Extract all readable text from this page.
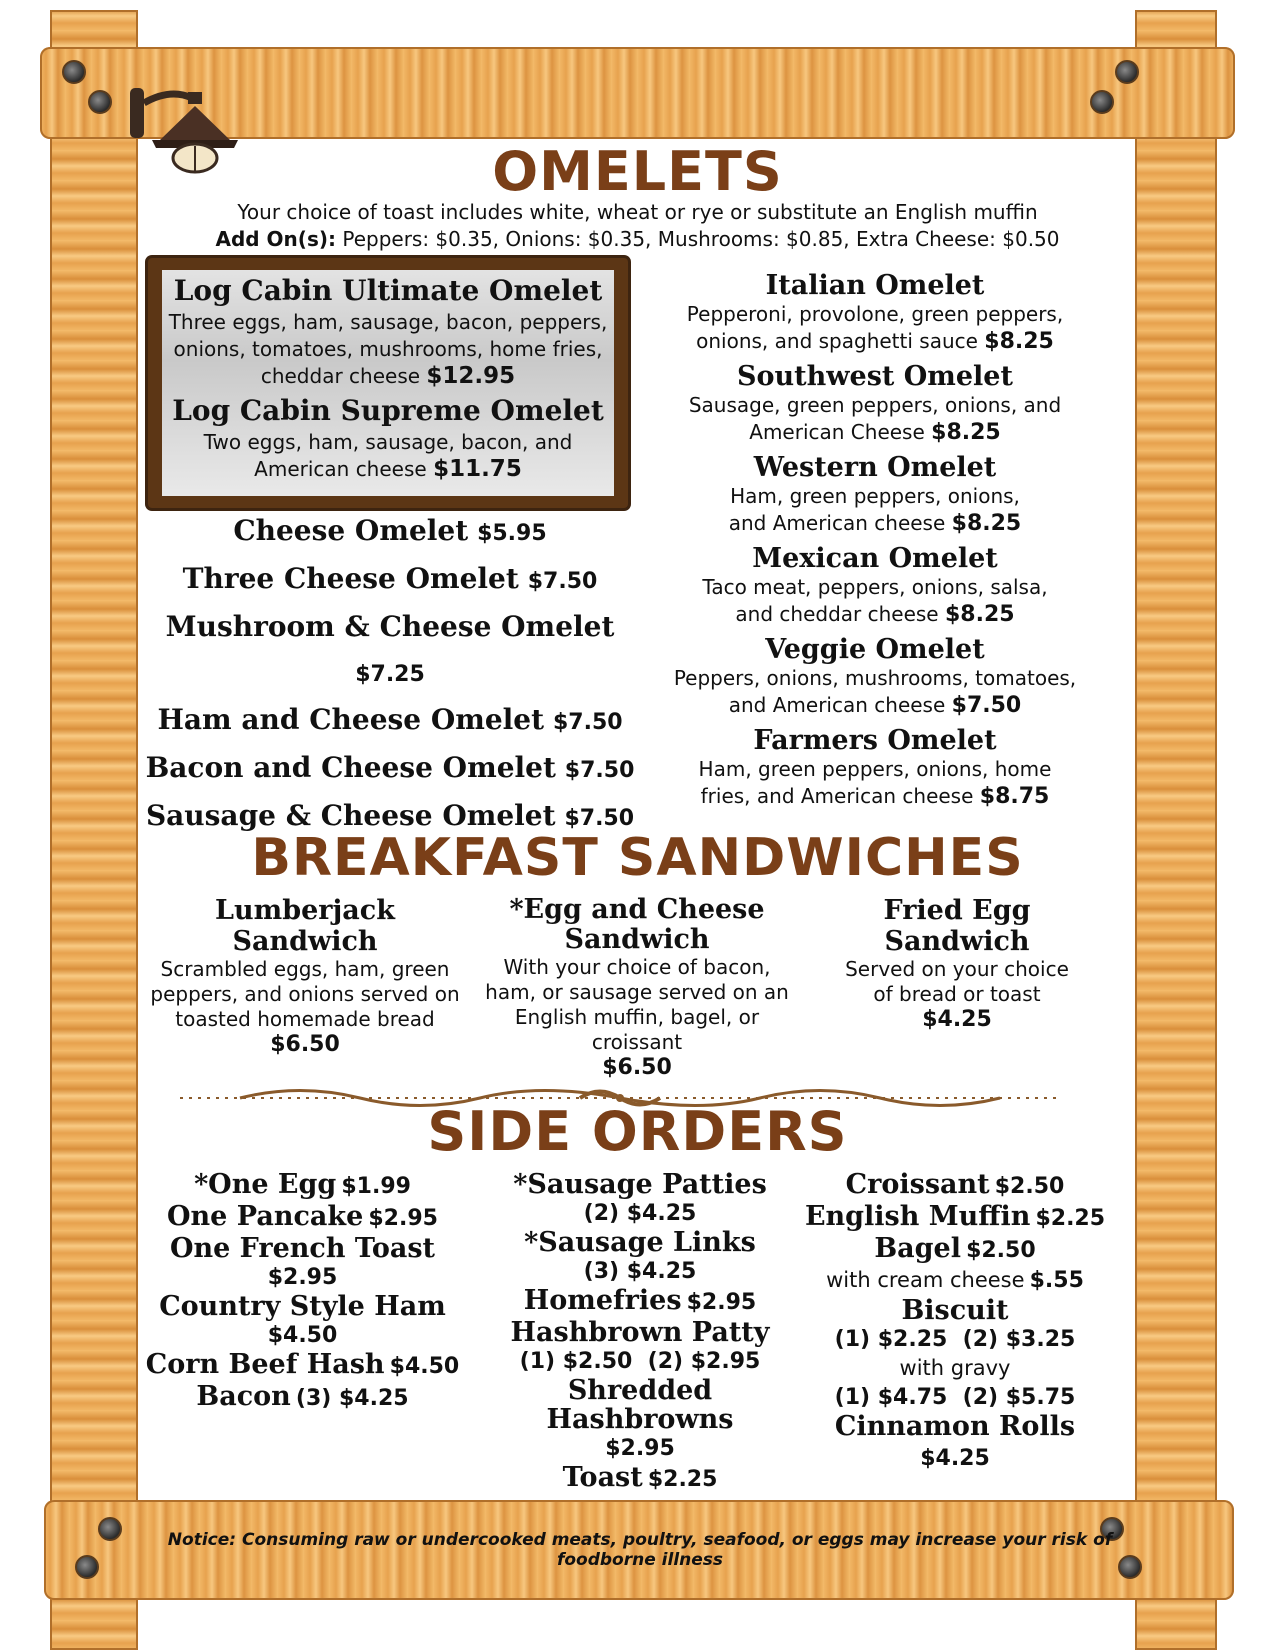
OMELETS
Your choice of toast includes white, wheat or rye or substitute an English muffin
Add On(s): Peppers: $0.35, Onions: $0.35, Mushrooms: $0.85, Extra Cheese: $0.50
Log Cabin Ultimate Omelet
Three eggs, ham, sausage, bacon, peppers, onions, tomatoes, mushrooms, home fries, cheddar cheese $12.95
Log Cabin Supreme Omelet
Two eggs, ham, sausage, bacon, and American cheese $11.75
Cheese Omelet $5.95
Three Cheese Omelet $7.50
Mushroom & Cheese Omelet $7.25
Ham and Cheese Omelet $7.50
Bacon and Cheese Omelet $7.50
Sausage & Cheese Omelet $7.50
Italian Omelet
Pepperoni, provolone, green peppers, onions, and spaghetti sauce $8.25
Southwest Omelet
Sausage, green peppers, onions, and American Cheese $8.25
Western Omelet
Ham, green peppers, onions, and American cheese $8.25
Mexican Omelet
Taco meat, peppers, onions, salsa, and cheddar cheese $8.25
Veggie Omelet
Peppers, onions, mushrooms, tomatoes, and American cheese $7.50
Farmers Omelet
Ham, green peppers, onions, home fries, and American cheese $8.75
BREAKFAST SANDWICHES
Lumberjack Sandwich
Scrambled eggs, ham, green peppers, and onions served on toasted homemade bread
$6.50
*Egg and Cheese Sandwich
With your choice of bacon, ham, or sausage served on an English muffin, bagel, or croissant
$6.50
Fried Egg Sandwich
Served on your choice of bread or toast
$4.25
SIDE ORDERS
*One Egg $1.99
One Pancake $2.95
One French Toast
$2.95
Country Style Ham
$4.50
Corn Beef Hash $4.50
Bacon (3) $4.25
*Sausage Patties
(2) $4.25
*Sausage Links
(3) $4.25
Homefries $2.95
Hashbrown Patty
(1) $2.50  (2) $2.95
Shredded Hashbrowns
$2.95
Toast $2.25
Croissant $2.50
English Muffin $2.25
Bagel $2.50
with cream cheese $.55
Biscuit
(1) $2.25  (2) $3.25
with gravy
(1) $4.75  (2) $5.75
Cinnamon Rolls $4.25
Notice: Consuming raw or undercooked meats, poultry, seafood, or eggs may increase your risk of foodborne illness
